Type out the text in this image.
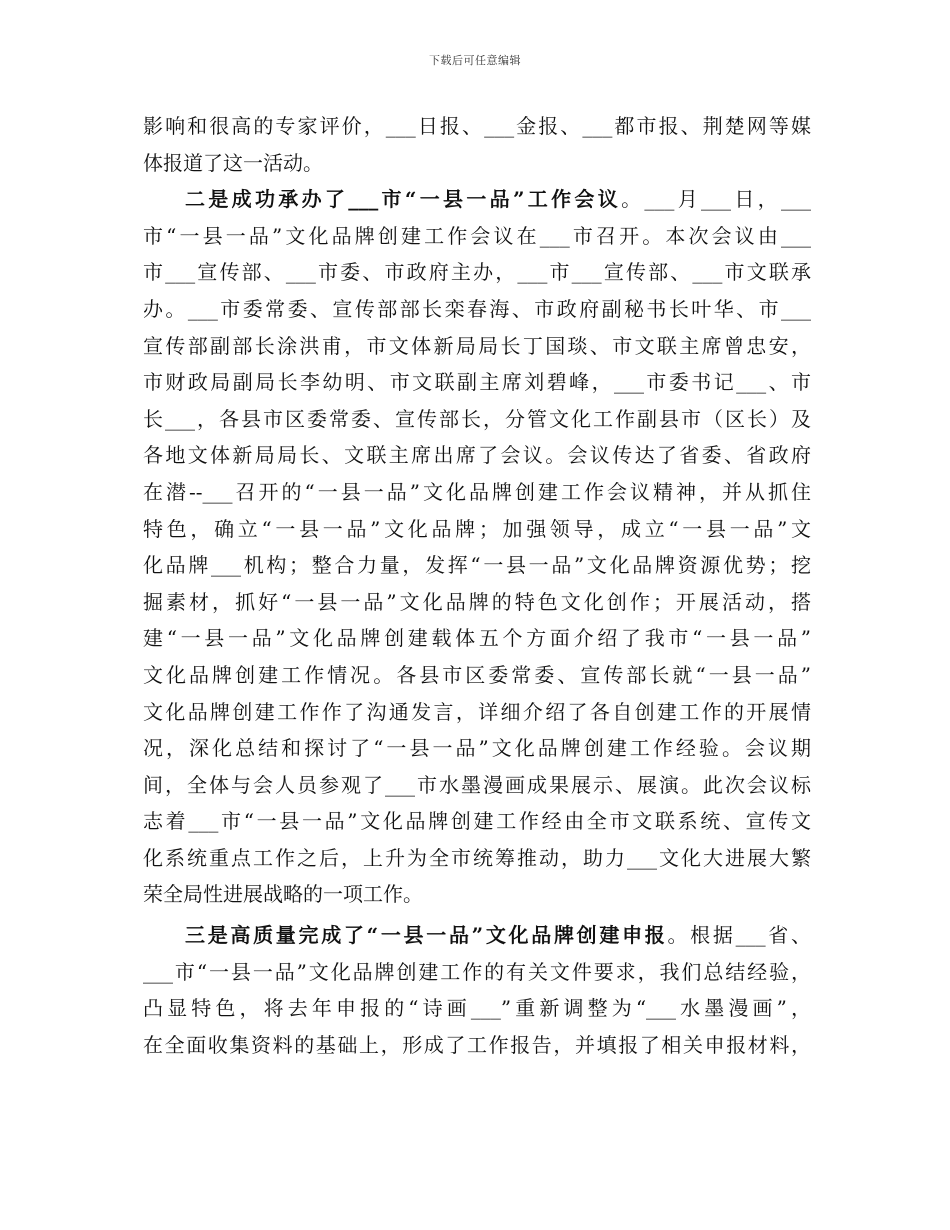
下载后可任意编辑
影响和很高的专家评价，___日报、___金报、___都市报、荆楚网等媒
体报道了这一活动。
二是成功承办了___市“一县一品”工作会议。___月___日，___
市“一县一品”文化品牌创建工作会议在___市召开。本次会议由___
市___宣传部、___市委、市政府主办，___市___宣传部、___市文联承
办。___市委常委、宣传部部长栾春海、市政府副秘书长叶华、市___
宣传部副部长涂洪甫，市文体新局局长丁国琰、市文联主席曾忠安，
市财政局副局长李幼明、市文联副主席刘碧峰，___市委书记___、市
长___，各县市区委常委、宣传部长，分管文化工作副县市（区长）及
各地文体新局局长、文联主席出席了会议。会议传达了省委、省政府
在潜--___召开的“一县一品”文化品牌创建工作会议精神，并从抓住
特色，确立“一县一品”文化品牌；加强领导，成立“一县一品”文
化品牌___机构；整合力量，发挥“一县一品”文化品牌资源优势；挖
掘素材，抓好“一县一品”文化品牌的特色文化创作；开展活动，搭
建“一县一品”文化品牌创建载体五个方面介绍了我市“一县一品”
文化品牌创建工作情况。各县市区委常委、宣传部长就“一县一品”
文化品牌创建工作作了沟通发言，详细介绍了各自创建工作的开展情
况，深化总结和探讨了“一县一品”文化品牌创建工作经验。会议期
间，全体与会人员参观了___市水墨漫画成果展示、展演。此次会议标
志着___市“一县一品”文化品牌创建工作经由全市文联系统、宣传文
化系统重点工作之后，上升为全市统筹推动，助力___文化大进展大繁
荣全局性进展战略的一项工作。
三是高质量完成了“一县一品”文化品牌创建申报。根据___省、
___市“一县一品”文化品牌创建工作的有关文件要求，我们总结经验，
凸显特色，将去年申报的“诗画___”重新调整为“___水墨漫画”，
在全面收集资料的基础上，形成了工作报告，并填报了相关申报材料，
